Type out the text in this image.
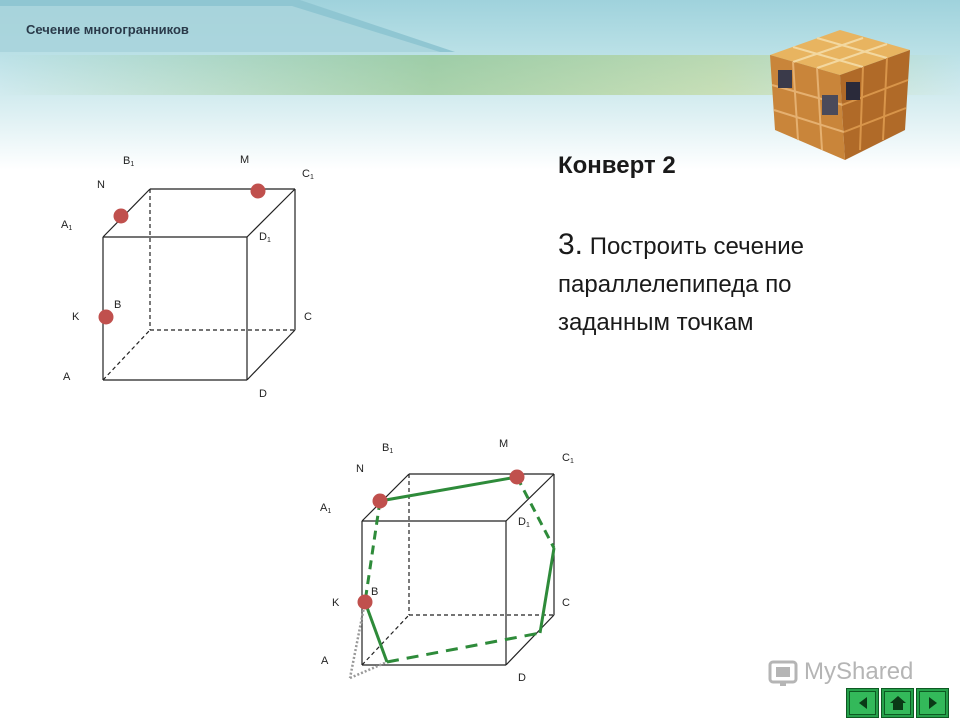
Сечение многогранников
Конверт 2
3. Построить сечение параллелепипеда по заданным точкам
B1	M
N
C1
A1
D1
B
K	C
A
D
B1
M
N
C1
A1
D1
B
K	C
A
D	MyShared
